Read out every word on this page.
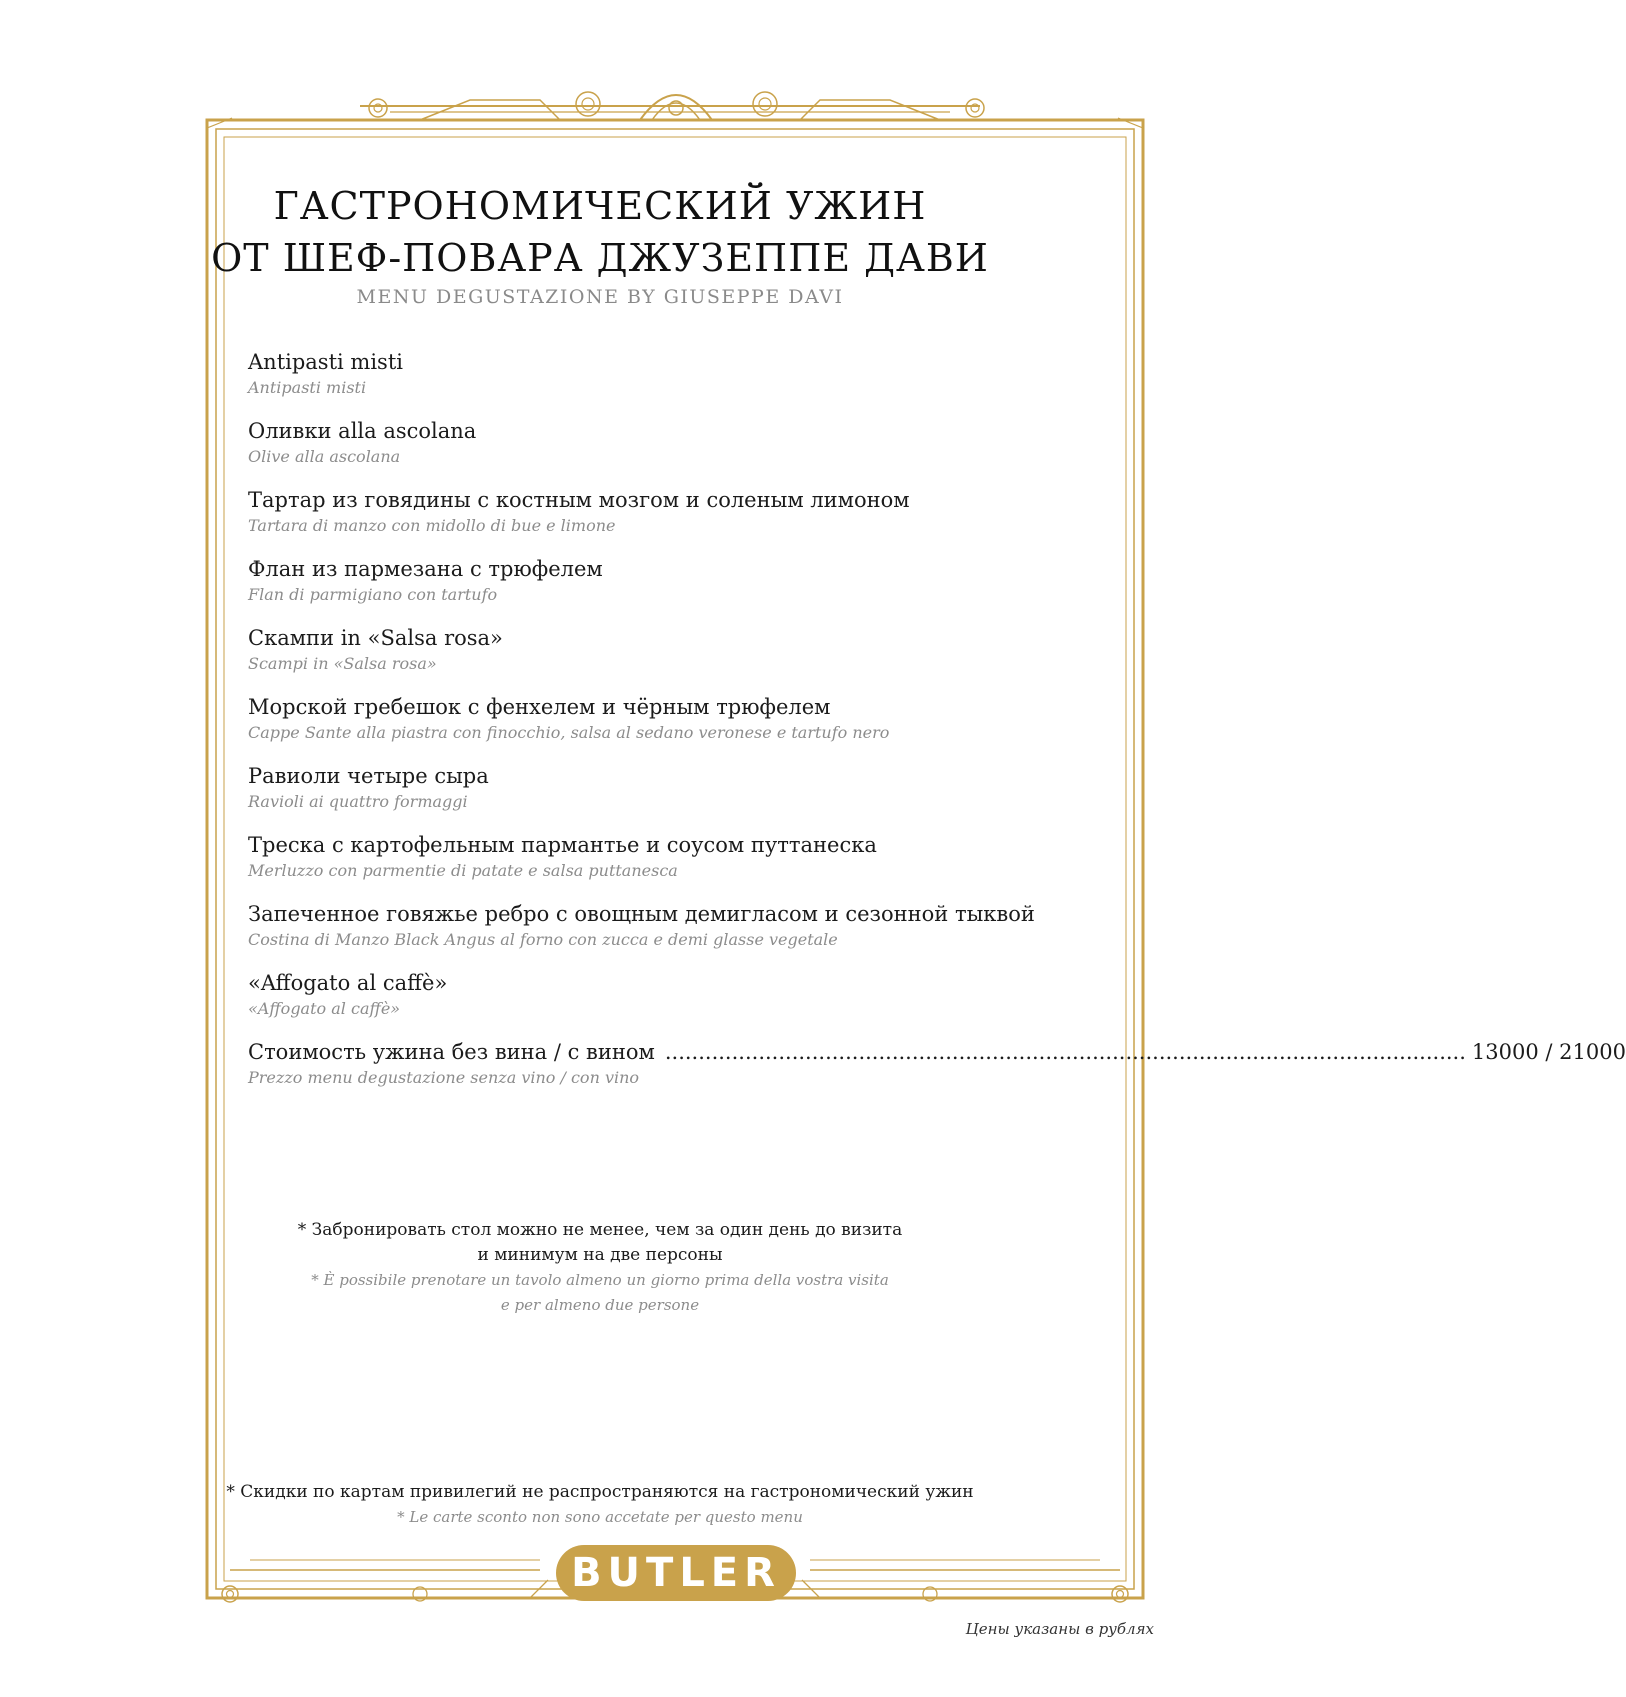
ГАСТРОНОМИЧЕСКИЙ УЖИН
ОТ ШЕФ-ПОВАРА ДЖУЗЕППЕ ДАВИ
MENU DEGUSTAZIONE BY GIUSEPPE DAVI
Antipasti misti
Antipasti misti
Оливки alla ascolana
Olive alla ascolana
Тартар из говядины с костным мозгом и соленым лимоном
Tartara di manzo con midollo di bue e limone
Флан из пармезана с трюфелем
Flan di parmigiano con tartufo
Скампи in «Salsa rosa»
Scampi in «Salsa rosa»
Морской гребешок с фенхелем и чёрным трюфелем
Cappe Sante alla piastra con finocchio, salsa al sedano veronese e tartufo nero
Равиоли четыре сыра
Ravioli ai quattro formaggi
Треска с картофельным пармантье и соусом путтанеска
Merluzzo con parmentie di patate e salsa puttanesca
Запеченное говяжье ребро с овощным демигласом и сезонной тыквой
Costina di Manzo Black Angus al forno con zucca e demi glasse vegetale
«Affogato al caffè»
«Affogato al caffè»
Стоимость ужина без вина / с вином ........................................................................................................................ 13000 / 21000
Prezzo menu degustazione senza vino / con vino
* Забронировать стол можно не менее, чем за один день до визита
и минимум на две персоны
* È possibile prenotare un tavolo almeno un giorno prima della vostra visita
e per almeno due persone
* Скидки по картам привилегий не распространяются на гастрономический ужин
* Le carte sconto non sono accetate per questo menu
BUTLER
Цены указаны в рублях
